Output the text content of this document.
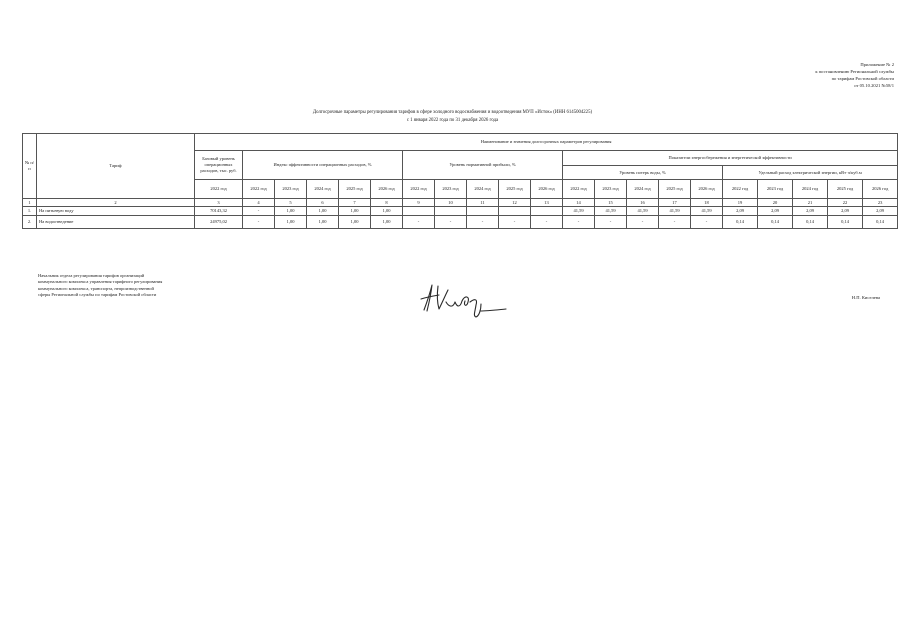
Приложение № 2
к постановлению Региональной службы
по тарифам Ростовской области
от 05.10.2021 №58/1
Долгосрочные параметры регулирования тарифов в сфере холодного водоснабжения и водоотведения МУП «Исток» (ИНН 6145004225)
с 1 января 2022 года по 31 декабря 2026 года
№ п/п	Тариф	Наименование и значения долгосрочных параметров регулирования																				
		Базовый уровень операционных расходов, тыс. руб.	Индекс эффективности операционных расходов, %					Уровень нормативной прибыли, %					Показатели энергосбережения и энергетической эффективности									
													Уровень потерь воды, %					Удельный расход электрической энергии, кВт·ч/куб.м				
		2022 год	2022 год	2023 год	2024 год	2025 год	2026 год	2022 год	2023 год	2024 год	2025 год	2026 год	2022 год	2023 год	2024 год	2025 год	2026 год	2022 год	2023 год	2024 год	2025 год	2026 год
1	2	3	4	5	6	7	8	9	10	11	12	13	14	15	16	17	18	19	20	21	22	23
1.	На питьевую воду	70143,32	-	1,00	1,00	1,00	1,00						41,59	41,59	41,59	41,59	41,59	2,09	2,09	2,09	2,09	2,09
2.	На водоотведение	24975,02	-	1,00	1,00	1,00	1,00	-	-	-	-	-	-	-	-	-	-	0,14	0,14	0,14	0,14	0,14
Начальник отдела регулирования тарифов организаций
коммунального комплекса управления тарифного регулирования
коммунального комплекса, транспорта, непроизводственной
сферы Региональной службы по тарифам Ростовской области
Н.П. Киселева
